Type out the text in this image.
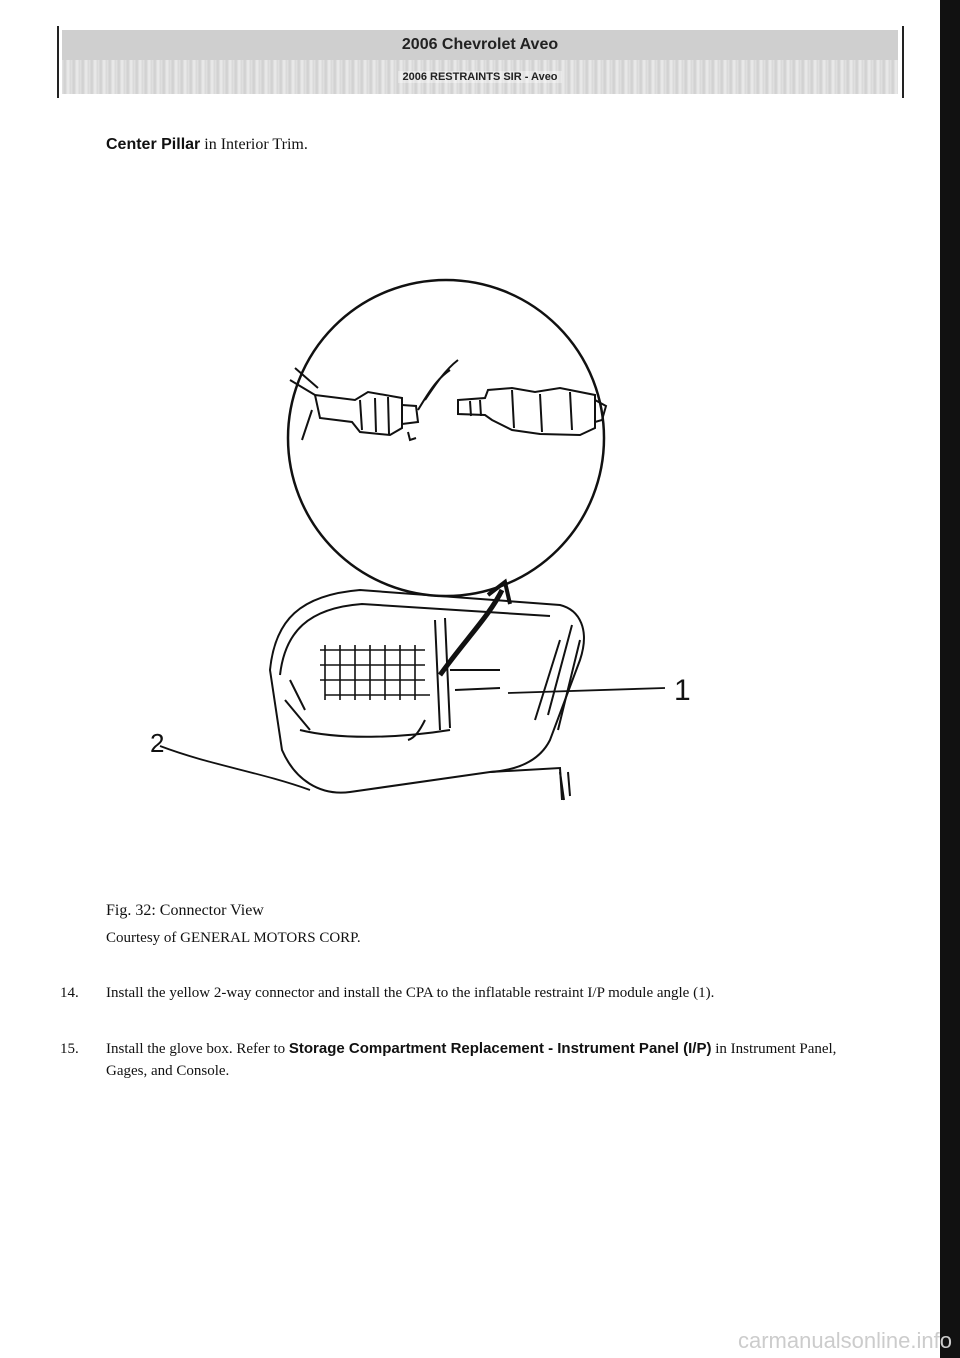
2006 Chevrolet Aveo
2006 RESTRAINTS SIR - Aveo
Center Pillar in Interior Trim.
1
2
Fig. 32: Connector View
Courtesy of GENERAL MOTORS CORP.
14.	Install the yellow 2-way connector and install the CPA to the inflatable restraint I/P module angle (1).
15.	Install the glove box. Refer to Storage Compartment Replacement - Instrument Panel (I/P) in Instrument Panel, Gages, and Console.
carmanualsonline.info
